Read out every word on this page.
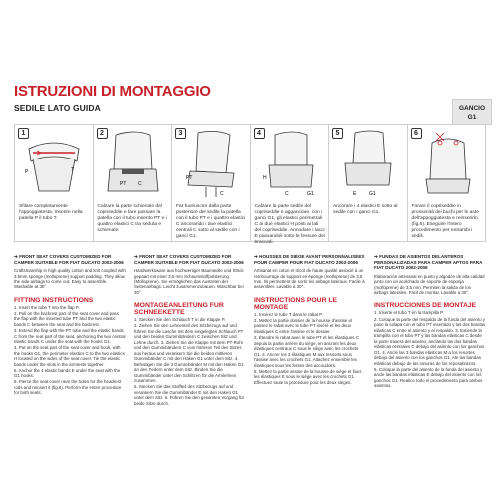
ISTRUZIONI DI MONTAGGIO
SEDILE LATO GUIDA	GANCIO
G1
P	T
1
Sfilare completamente l'appoggiatesta. Inserire nella patella P il tubo T.
PT C
2
Calzare la parte schienale del copriseddie e fare passare la patella con il tubo inserito PT e i quattro elastici C tra seduta e schienale.
PT
C
3
Far fuoriuscire dalla parte posteriore del sedile la patella con il tubo PT e i quattro elastici C ancorando i due elastici centrali C sotto al sedile con i ganci G1.
H
C	G1
4
Calzare la parte sedile del copriseddie e agganciare, con i ganci G1, gli elastici perimetrali C ai due elastici H posti ai lati del copriseddie. Annodare i lacci E passandoli sotto le fessure dei braccioli.
E	G1
5
Ancorare i 4 elastici E sotto al sedile con i ganci G1.
6
Forare il copriseddie in prossimità dei buchi per le aste dell'appoggiatesta e reinserirlo (fig.6). Eseguire l'intero procedimento per entrambi i sedili.
➔ FRONT SEAT COVERS CUSTOMIZED FOR CAMPER SUITABLE FOR FIAT DUCATO 2002-2006
Craftsmanship in high quality cotton and knit coupled with 3.5mm sponge (molloprene) support padding. They allow the side airbags to come out. Easy to assemble. Washable at 30°.
FITTING INSTRUCTIONS
1. Insert the tube T into the flap P.
2. Pull on the backrest part of the seat cover and pass the flap with the inserted tube PT and the two elastic bands C between the seat and the backrest.
3. Extend the flap with the PT tube and the elastic bands C from the rear part of the seat, anchoring the two central elastic bands C under the seat with the hooks G1.
4. Put on the seat part of the seat cover and hook, with the hooks G1, the perimeter elastics C to the two elastics H located on the sides of the seat cover. Tie the elastic bands under the slots in the armrests together.
5. Anchor the 4 elastic bands E under the seat with the G1 hooks.
6. Pierce the seat cover near the holes for the headrest rods and reinsert it (fig.6). Perform the entire procedure for both seats.
➔ FRONT SEAT COVERS CUSTOMIZED FOR CAMPER SUITABLE FOR FIAT DUCATO 2002-2006
Handwerksware aus hochwertiger Baumwolle und Strick gepaart mit einer 3,5 mm Schaumstoffpolsterung (Molloprene). Sie ermöglichen das Austreten der Seitenairbags. Leicht zusammenzubauen. Waschbar bei 30°.
MONTAGEANLEITUNG FUR SCHNEEKETTE
1. Stecken Sie den Schlauch T in die Klappe P.
2. Ziehen Sie den Lehnenteil des Sitzbezugs auf und führen Sie die Lasche mit dem eingelegten Schlauch PT und den beiden Gummibändern C zwischen Sitz und Lehne durch. 3. Ziehen Sie die Klappe mit dem PT-Rohr und den Gummibändern C vom hinteren Teil des Sitzes aus heraus und verankern Sie die beiden mittleren Gummibänder C mit den Haken G1 unter dem Sitz. 4. Befestigen Sie die 3 Gummibänder M mit den Haken G1 an den Federn unter dem Sitz. Binden Sie die Gummibänder unter den Schlitzen für die Armlehnen zusammen.
5. Stecken Sie das Stoffteil des Sitzbezugs auf und verankern Sie die Gummibänder E mit den Haken G1 unter dem Sitz. 6. Führen Sie den gesamten Vorgang für beide Sitze durch.
➔ HOUSSES DE SIÈGE AVANT PERSONNALISÉES POUR CAMPER POUR FIAT DUCATO 2002-2006
Artisanat en coton et tricot de haute qualité associé à un rembourrage de support en éponge (molloprene) de 3,5 mm. Ils permettent de sortir les airbags latéraux. Facile à assembler. Lavable à 30°.
INSTRUCTIONS POUR LE MONTAGE
1. Insérez le tube T dans le rabat P.
2. Mettez la partie dossier de la housse d'assise et passez le rabat avec le tube PT inséré et les deux élastiques C entre l'assise et le dossier.
3. Étendre le rabat avec le tube PT et les élastiques C depuis la partie arrière du siège, en ancrant les deux élastiques centraux C sous le siège avec les crochets G1. 4. Ancrer les 3 élastiques M aux ressorts sous l'assise avec les crochets G1. Attachez ensemble les élastiques sous les fentes des accoudoirs.
5. Mettez la partie assise de la housse de siège et fixez les élastiques E sous le siège avec les crochets G1. Effectuez toute la procédure pour les deux sièges.
➔ FUNDAS DE ASIENTOS DELANTEROS PERSONALIZADAS PARA CAMPER APTOS PARA FIAT DUCATO 2002-2006
Elaboración artesanal en punto y algodón de alta calidad junto con un acolchado de soporte de esponja (molloprene) de 3,5 mm. Permiten la salida de los airbags laterales. Fácil de montar. Lavable a 30°.
INSTRUCCIONES DE MONTAJE
1. Inserte el tubo T en la trampilla P.
2. Coloque la parte del respaldo de la funda del asiento y pase la solapa con el tubo PT insertado y las dos bandas elásticas C entre el asiento y el respaldo. 3. Extiende la trampilla con el tubo PT y las bandas elásticas C desde la parte trasera del asiento, anclando las dos bandas elásticas centrales C debajo del asiento con los ganchos G1. 4. Ancle las 3 bandas elásticas M a los resortes debajo del asiento con los ganchos G1. Ate las bandas elásticas debajo de las ranuras de los reposabrazos.
5. Coloque la parte del asiento de la funda del asiento y ancle las bandas elásticas E debajo del asiento con los ganchos G1. Realice todo el procedimiento para ambos asientos.
